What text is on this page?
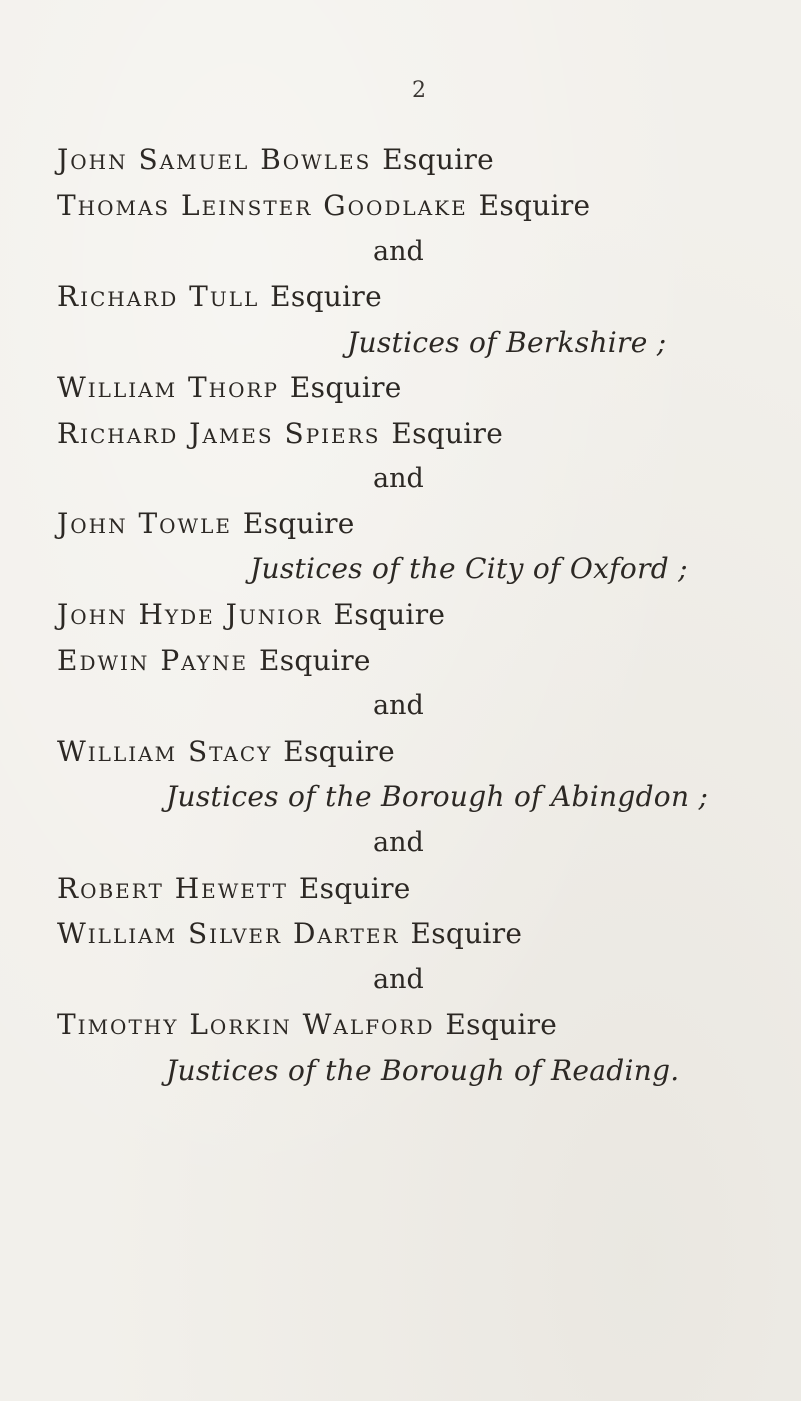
2
John Samuel Bowles Esquire
Thomas Leinster Goodlake Esquire
and
Richard Tull Esquire
Justices of Berkshire ;
William Thorp Esquire
Richard James Spiers Esquire
and
John Towle Esquire
Justices of the City of Oxford ;
John Hyde Junior Esquire
Edwin Payne Esquire
and
William Stacy Esquire
Justices of the Borough of Abingdon ;
and
Robert Hewett Esquire
William Silver Darter Esquire
and
Timothy Lorkin Walford Esquire
Justices of the Borough of Reading.
